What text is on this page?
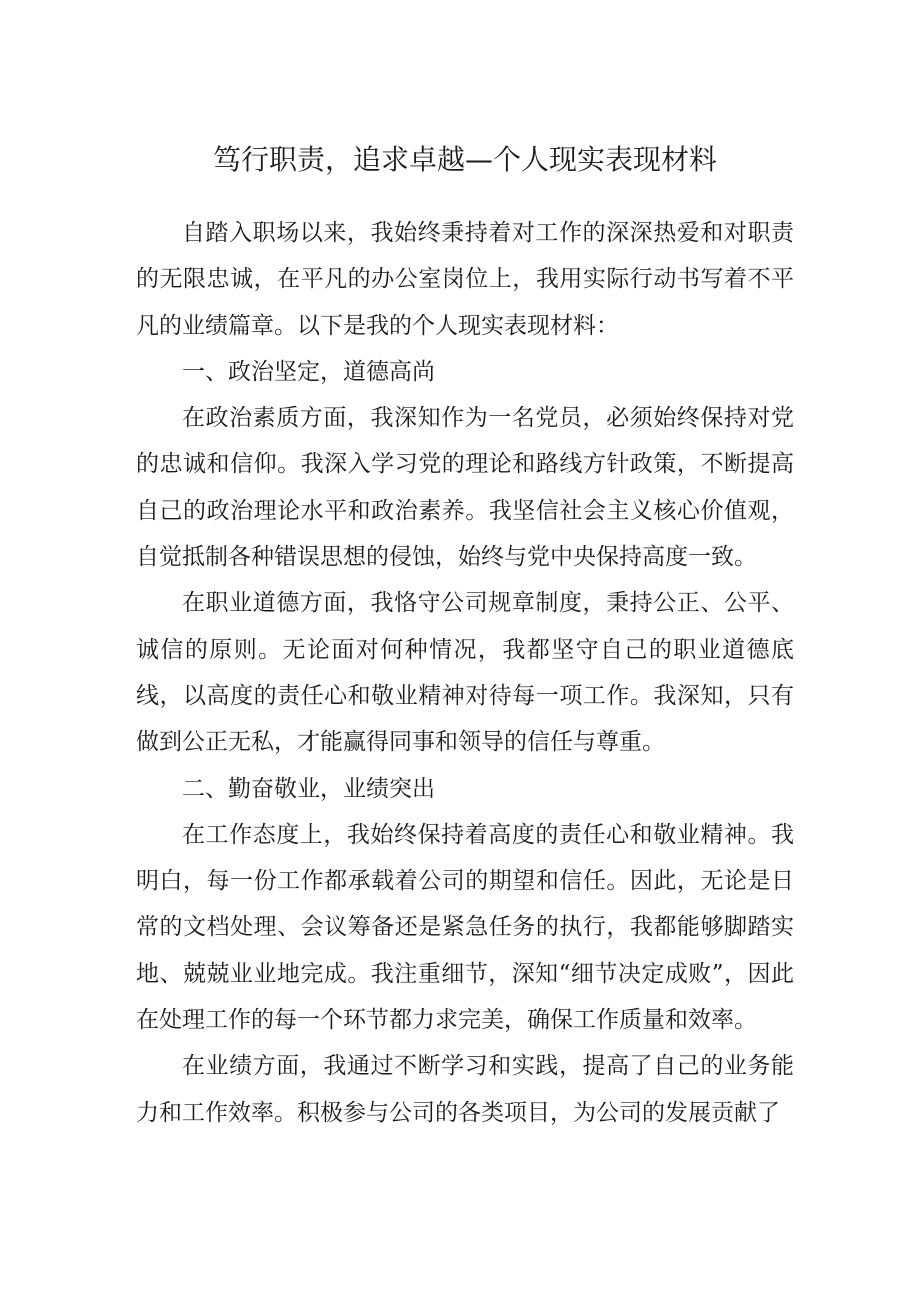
笃行职责，追求卓越—个人现实表现材料

自踏入职场以来，我始终秉持着对工作的深深热爱和对职责的无限忠诚，在平凡的办公室岗位上，我用实际行动书写着不平凡的业绩篇章。以下是我的个人现实表现材料：

一、政治坚定，道德高尚

在政治素质方面，我深知作为一名党员，必须始终保持对党的忠诚和信仰。我深入学习党的理论和路线方针政策，不断提高自己的政治理论水平和政治素养。我坚信社会主义核心价值观，自觉抵制各种错误思想的侵蚀，始终与党中央保持高度一致。

在职业道德方面，我恪守公司规章制度，秉持公正、公平、诚信的原则。无论面对何种情况，我都坚守自己的职业道德底线，以高度的责任心和敬业精神对待每一项工作。我深知，只有做到公正无私，才能赢得同事和领导的信任与尊重。

二、勤奋敬业，业绩突出

在工作态度上，我始终保持着高度的责任心和敬业精神。我明白，每一份工作都承载着公司的期望和信任。因此，无论是日常的文档处理、会议筹备还是紧急任务的执行，我都能够脚踏实地、兢兢业业地完成。我注重细节，深知“细节决定成败”，因此在处理工作的每一个环节都力求完美，确保工作质量和效率。

在业绩方面，我通过不断学习和实践，提高了自己的业务能力和工作效率。积极参与公司的各类项目，为公司的发展贡献了
